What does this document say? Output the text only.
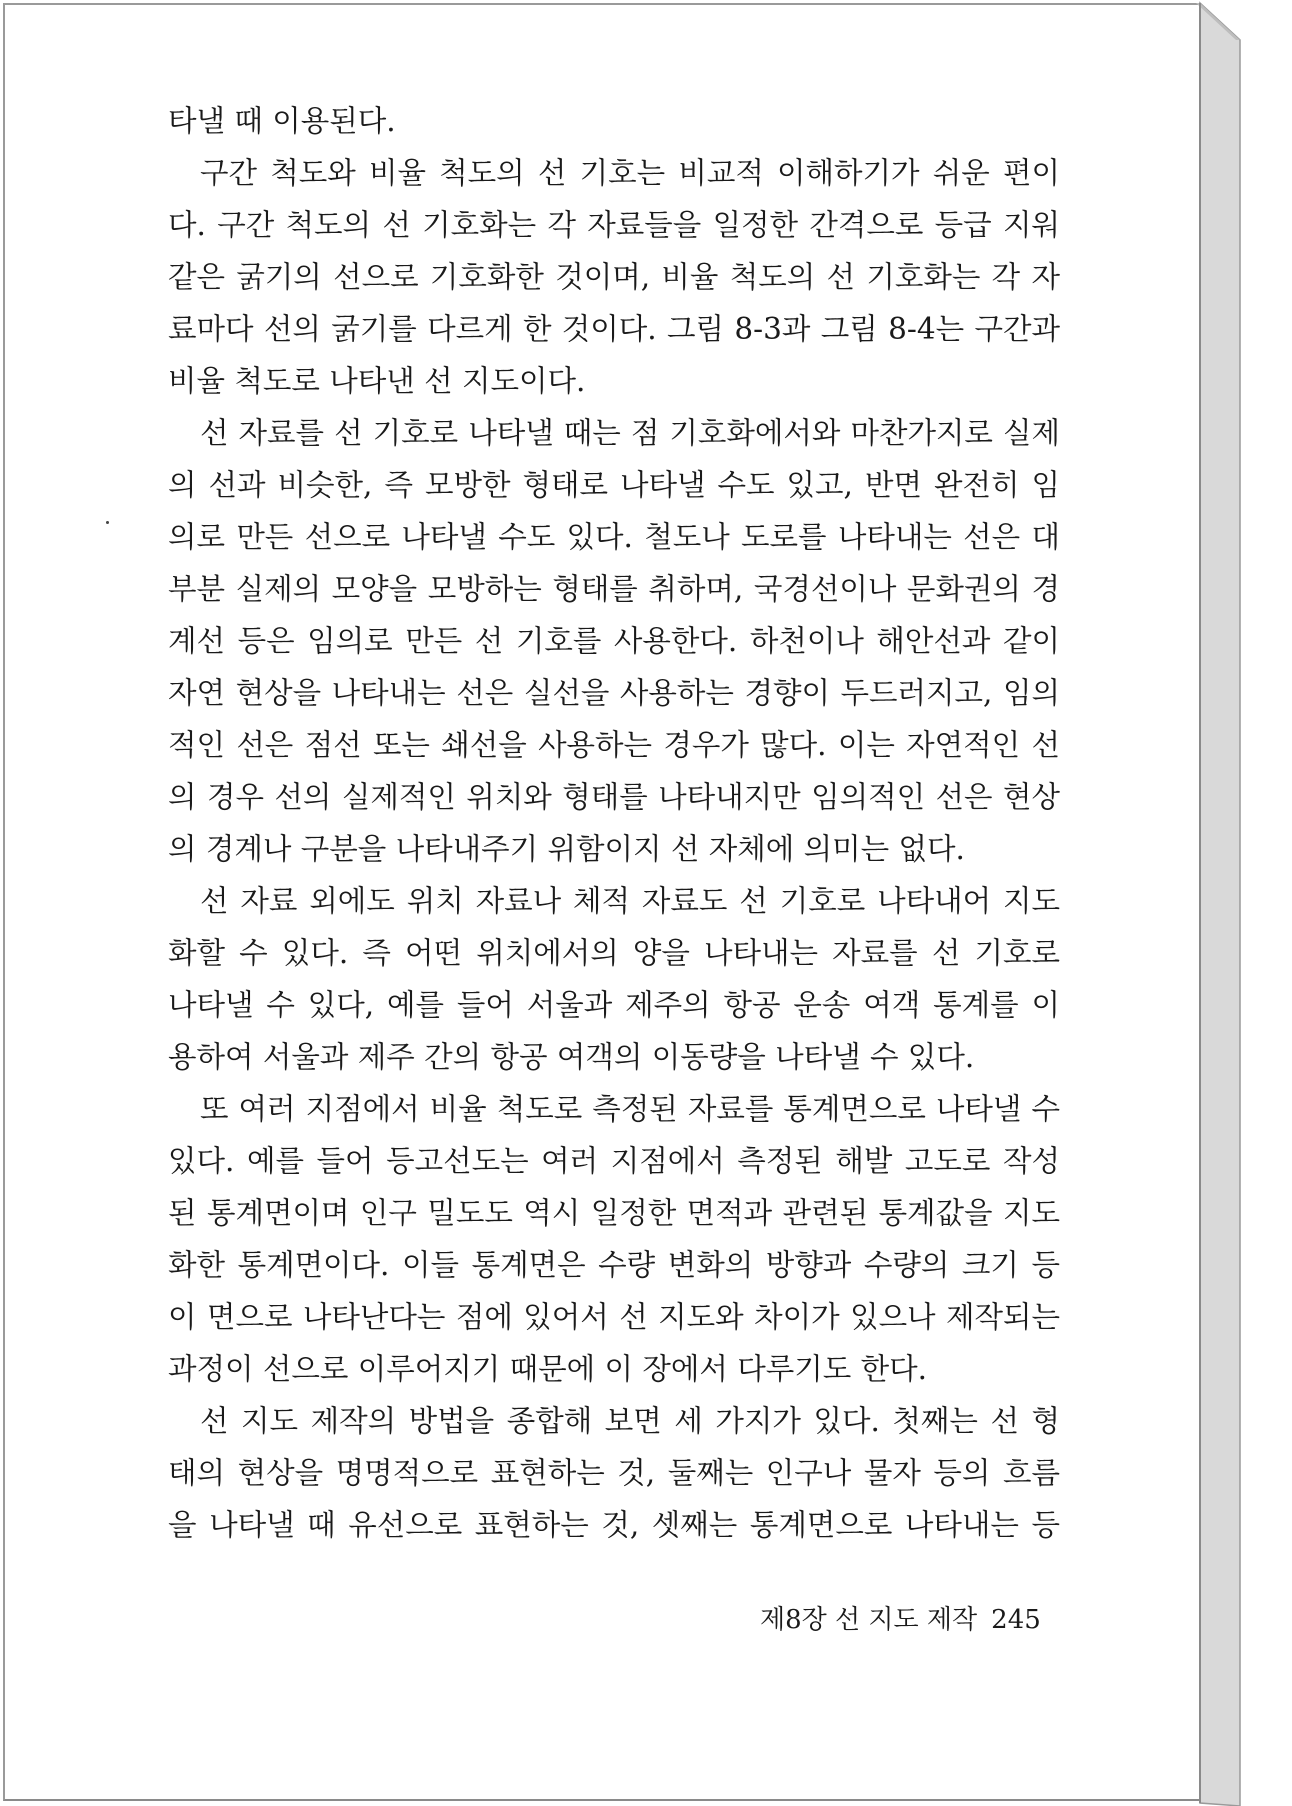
타낼 때 이용된다.
구간 척도와 비율 척도의 선 기호는 비교적 이해하기가 쉬운 편이
다. 구간 척도의 선 기호화는 각 자료들을 일정한 간격으로 등급 지워
같은 굵기의 선으로 기호화한 것이며, 비율 척도의 선 기호화는 각 자
료마다 선의 굵기를 다르게 한 것이다. 그림 8-3과 그림 8-4는 구간과
비율 척도로 나타낸 선 지도이다.
선 자료를 선 기호로 나타낼 때는 점 기호화에서와 마찬가지로 실제
의 선과 비슷한, 즉 모방한 형태로 나타낼 수도 있고, 반면 완전히 임
의로 만든 선으로 나타낼 수도 있다. 철도나 도로를 나타내는 선은 대
부분 실제의 모양을 모방하는 형태를 취하며, 국경선이나 문화권의 경
계선 등은 임의로 만든 선 기호를 사용한다. 하천이나 해안선과 같이
자연 현상을 나타내는 선은 실선을 사용하는 경향이 두드러지고, 임의
적인 선은 점선 또는 쇄선을 사용하는 경우가 많다. 이는 자연적인 선
의 경우 선의 실제적인 위치와 형태를 나타내지만 임의적인 선은 현상
의 경계나 구분을 나타내주기 위함이지 선 자체에 의미는 없다.
선 자료 외에도 위치 자료나 체적 자료도 선 기호로 나타내어 지도
화할 수 있다. 즉 어떤 위치에서의 양을 나타내는 자료를 선 기호로
나타낼 수 있다, 예를 들어 서울과 제주의 항공 운송 여객 통계를 이
용하여 서울과 제주 간의 항공 여객의 이동량을 나타낼 수 있다.
또 여러 지점에서 비율 척도로 측정된 자료를 통계면으로 나타낼 수
있다. 예를 들어 등고선도는 여러 지점에서 측정된 해발 고도로 작성
된 통계면이며 인구 밀도도 역시 일정한 면적과 관련된 통계값을 지도
화한 통계면이다. 이들 통계면은 수량 변화의 방향과 수량의 크기 등
이 면으로 나타난다는 점에 있어서 선 지도와 차이가 있으나 제작되는
과정이 선으로 이루어지기 때문에 이 장에서 다루기도 한다.
선 지도 제작의 방법을 종합해 보면 세 가지가 있다. 첫째는 선 형
태의 현상을 명명적으로 표현하는 것, 둘째는 인구나 물자 등의 흐름
을 나타낼 때 유선으로 표현하는 것, 셋째는 통계면으로 나타내는 등
제8장 선 지도 제작 245
